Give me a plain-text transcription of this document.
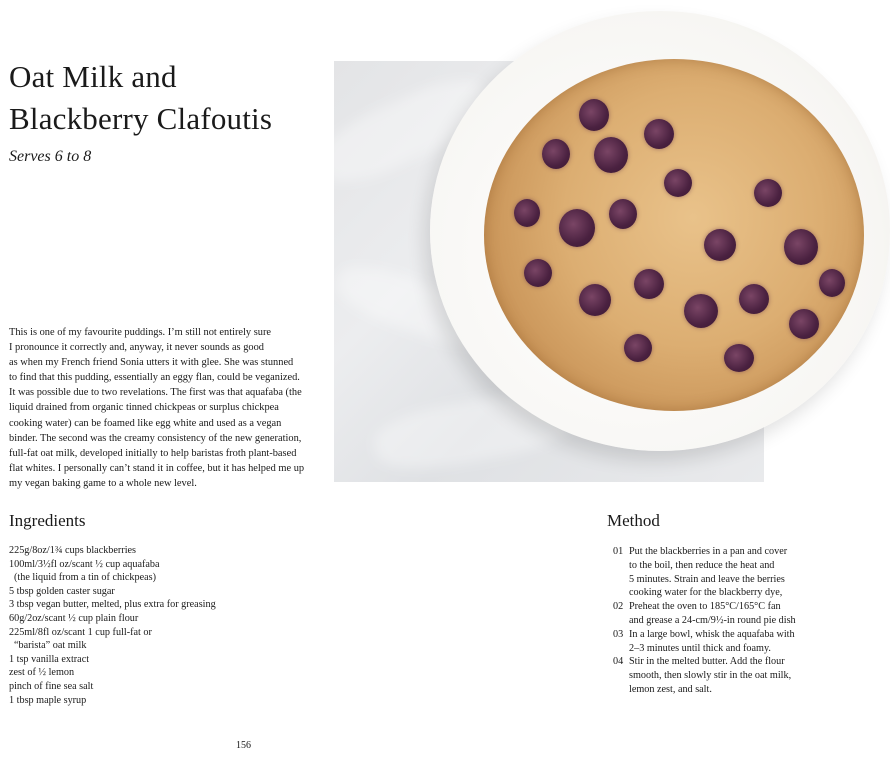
Oat Milk and
Blackberry Clafoutis
Serves 6 to 8
This is one of my favourite puddings. I’m still not entirely sure
I pronounce it correctly and, anyway, it never sounds as good
as when my French friend Sonia utters it with glee. She was stunned
to find that this pudding, essentially an eggy flan, could be veganized.
It was possible due to two revelations. The first was that aquafaba (the
liquid drained from organic tinned chickpeas or surplus chickpea
cooking water) can be foamed like egg white and used as a vegan
binder. The second was the creamy consistency of the new generation,
full-fat oat milk, developed initially to help baristas froth plant-based
flat whites. I personally can’t stand it in coffee, but it has helped me up
my vegan baking game to a whole new level.
Ingredients
225g/8oz/1¾ cups blackberries
100ml/3½fl oz/scant ½ cup aquafaba
(the liquid from a tin of chickpeas)
5 tbsp golden caster sugar
3 tbsp vegan butter, melted, plus extra for greasing
60g/2oz/scant ½ cup plain flour
225ml/8fl oz/scant 1 cup full-fat or
“barista” oat milk
1 tsp vanilla extract
zest of ½ lemon
pinch of fine sea salt
1 tbsp maple syrup
Method
01 Put the blackberries in a pan and cover
to the boil, then reduce the heat and
5 minutes. Strain and leave the berries
cooking water for the blackberry dye,
02 Preheat the oven to 185°C/165°C fan
and grease a 24-cm/9½-in round pie dish
03 In a large bowl, whisk the aquafaba with
2–3 minutes until thick and foamy.
04 Stir in the melted butter. Add the flour
smooth, then slowly stir in the oat milk,
lemon zest, and salt.
156
